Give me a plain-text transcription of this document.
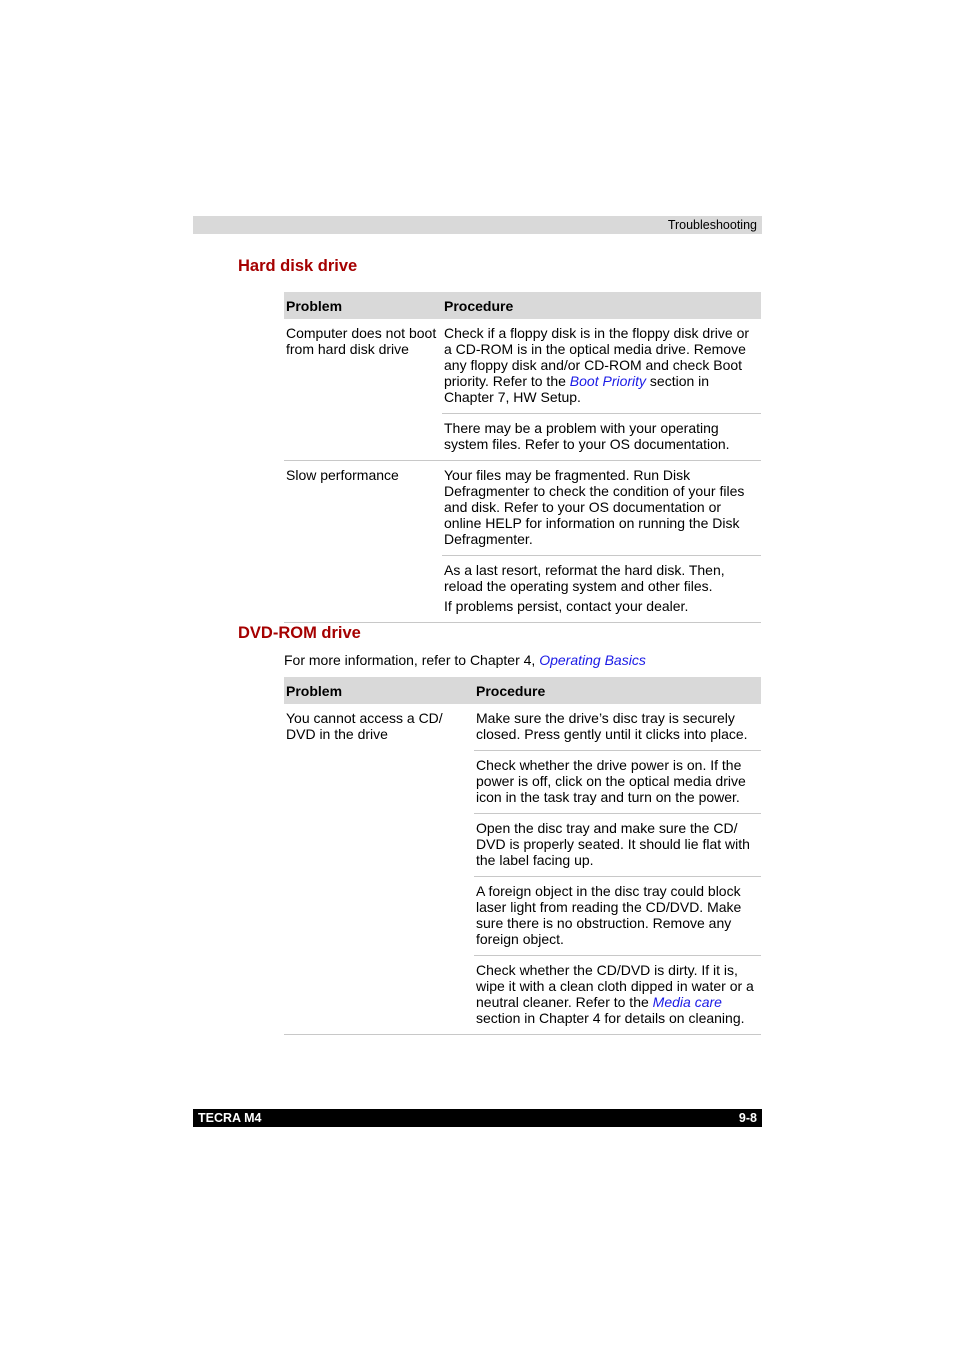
Troubleshooting
Hard disk drive
Problem	Procedure
Computer does not boot from hard disk drive	Check if a floppy disk is in the floppy disk drive or a CD-ROM is in the optical media drive. Remove any floppy disk and/or CD-ROM and check Boot priority. Refer to the Boot Priority section in Chapter 7, HW Setup.
	There may be a problem with your operating system files. Refer to your OS documentation.
Slow performance	Your files may be fragmented. Run Disk Defragmenter to check the condition of your files and disk. Refer to your OS documentation or online HELP for information on running the Disk Defragmenter.

	As a last resort, reformat the hard disk. Then, reload the operating system and other files.

If problems persist, contact your dealer.

DVD-ROM drive

For more information, refer to Chapter 4, Operating Basics

Problem	Procedure
You cannot access a CD/ DVD in the drive	Make sure the drive’s disc tray is securely closed. Press gently until it clicks into place.
	Check whether the drive power is on. If the power is off, click on the optical media drive icon in the task tray and turn on the power.
	Open the disc tray and make sure the CD/ DVD is properly seated. It should lie flat with the label facing up.
	A foreign object in the disc tray could block laser light from reading the CD/DVD. Make sure there is no obstruction. Remove any foreign object.
	Check whether the CD/DVD is dirty. If it is, wipe it with a clean cloth dipped in water or a neutral cleaner. Refer to the Media care section in Chapter 4 for details on cleaning.
TECRA M4	9-8
